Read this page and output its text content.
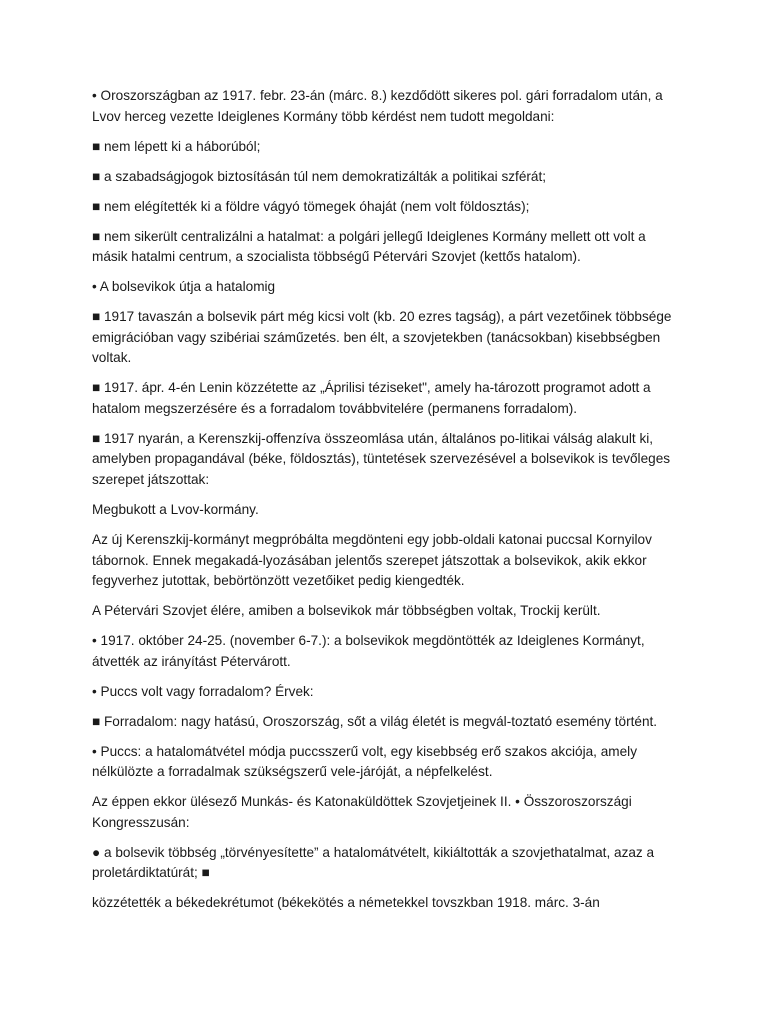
• Oroszországban az 1917. febr. 23-án (márc. 8.) kezdődött sikeres pol. gári forradalom után, a Lvov herceg vezette Ideiglenes Kormány több kérdést nem tudott megoldani:

■ nem lépett ki a háborúból;

■ a szabadságjogok biztosításán túl nem demokratizálták a politikai szférát;

■ nem elégítették ki a földre vágyó tömegek óhaját (nem volt földosztás);

■ nem sikerült centralizálni a hatalmat: a polgári jellegű Ideiglenes Kormány mellett ott volt a másik hatalmi centrum, a szocialista többségű Pétervári Szovjet (kettős hatalom).

• A bolsevikok útja a hatalomig

■ 1917 tavaszán a bolsevik párt még kicsi volt (kb. 20 ezres tagság), a párt vezetőinek többsége emigrációban vagy szibériai száműzetés. ben élt, a szovjetekben (tanácsokban) kisebbségben voltak.

■ 1917. ápr. 4-én Lenin közzétette az „Áprilisi téziseket", amely ha-tározott programot adott a hatalom megszerzésére és a forradalom továbbvitelére (permanens forradalom).

■ 1917 nyarán, a Kerenszkij-offenzíva összeomlása után, általános po-litikai válság alakult ki, amelyben propagandával (béke, földosztás), tüntetések szervezésével a bolsevikok is tevőleges szerepet játszottak:

Megbukott a Lvov-kormány.

Az új Kerenszkij-kormányt megpróbálta megdönteni egy jobb-oldali katonai puccsal Kornyilov tábornok. Ennek megakadá-lyozásában jelentős szerepet játszottak a bolsevikok, akik ekkor fegyverhez jutottak, bebörtönzött vezetőiket pedig kiengedték.

A Pétervári Szovjet élére, amiben a bolsevikok már többségben voltak, Trockij került.

• 1917. október 24-25. (november 6-7.): a bolsevikok megdöntötték az Ideiglenes Kormányt, átvették az irányítást Pétervárott.

• Puccs volt vagy forradalom? Érvek:

■ Forradalom: nagy hatású, Oroszország, sőt a világ életét is megvál-toztató esemény történt.

• Puccs: a hatalomátvétel módja puccsszerű volt, egy kisebbség erő szakos akciója, amely nélkülözte a forradalmak szükségszerű vele-járóját, a népfelkelést.

Az éppen ekkor ülésező Munkás- és Katonaküldöttek Szovjetjeinek II. • Összoroszországi Kongresszusán:

● a bolsevik többség „törvényesítette” a hatalomátvételt, kikiáltották a szovjethatalmat, azaz a proletárdiktatúrát; ■

közzétették a békedekrétumot (békekötés a németekkel tovszkban 1918. márc. 3-án
